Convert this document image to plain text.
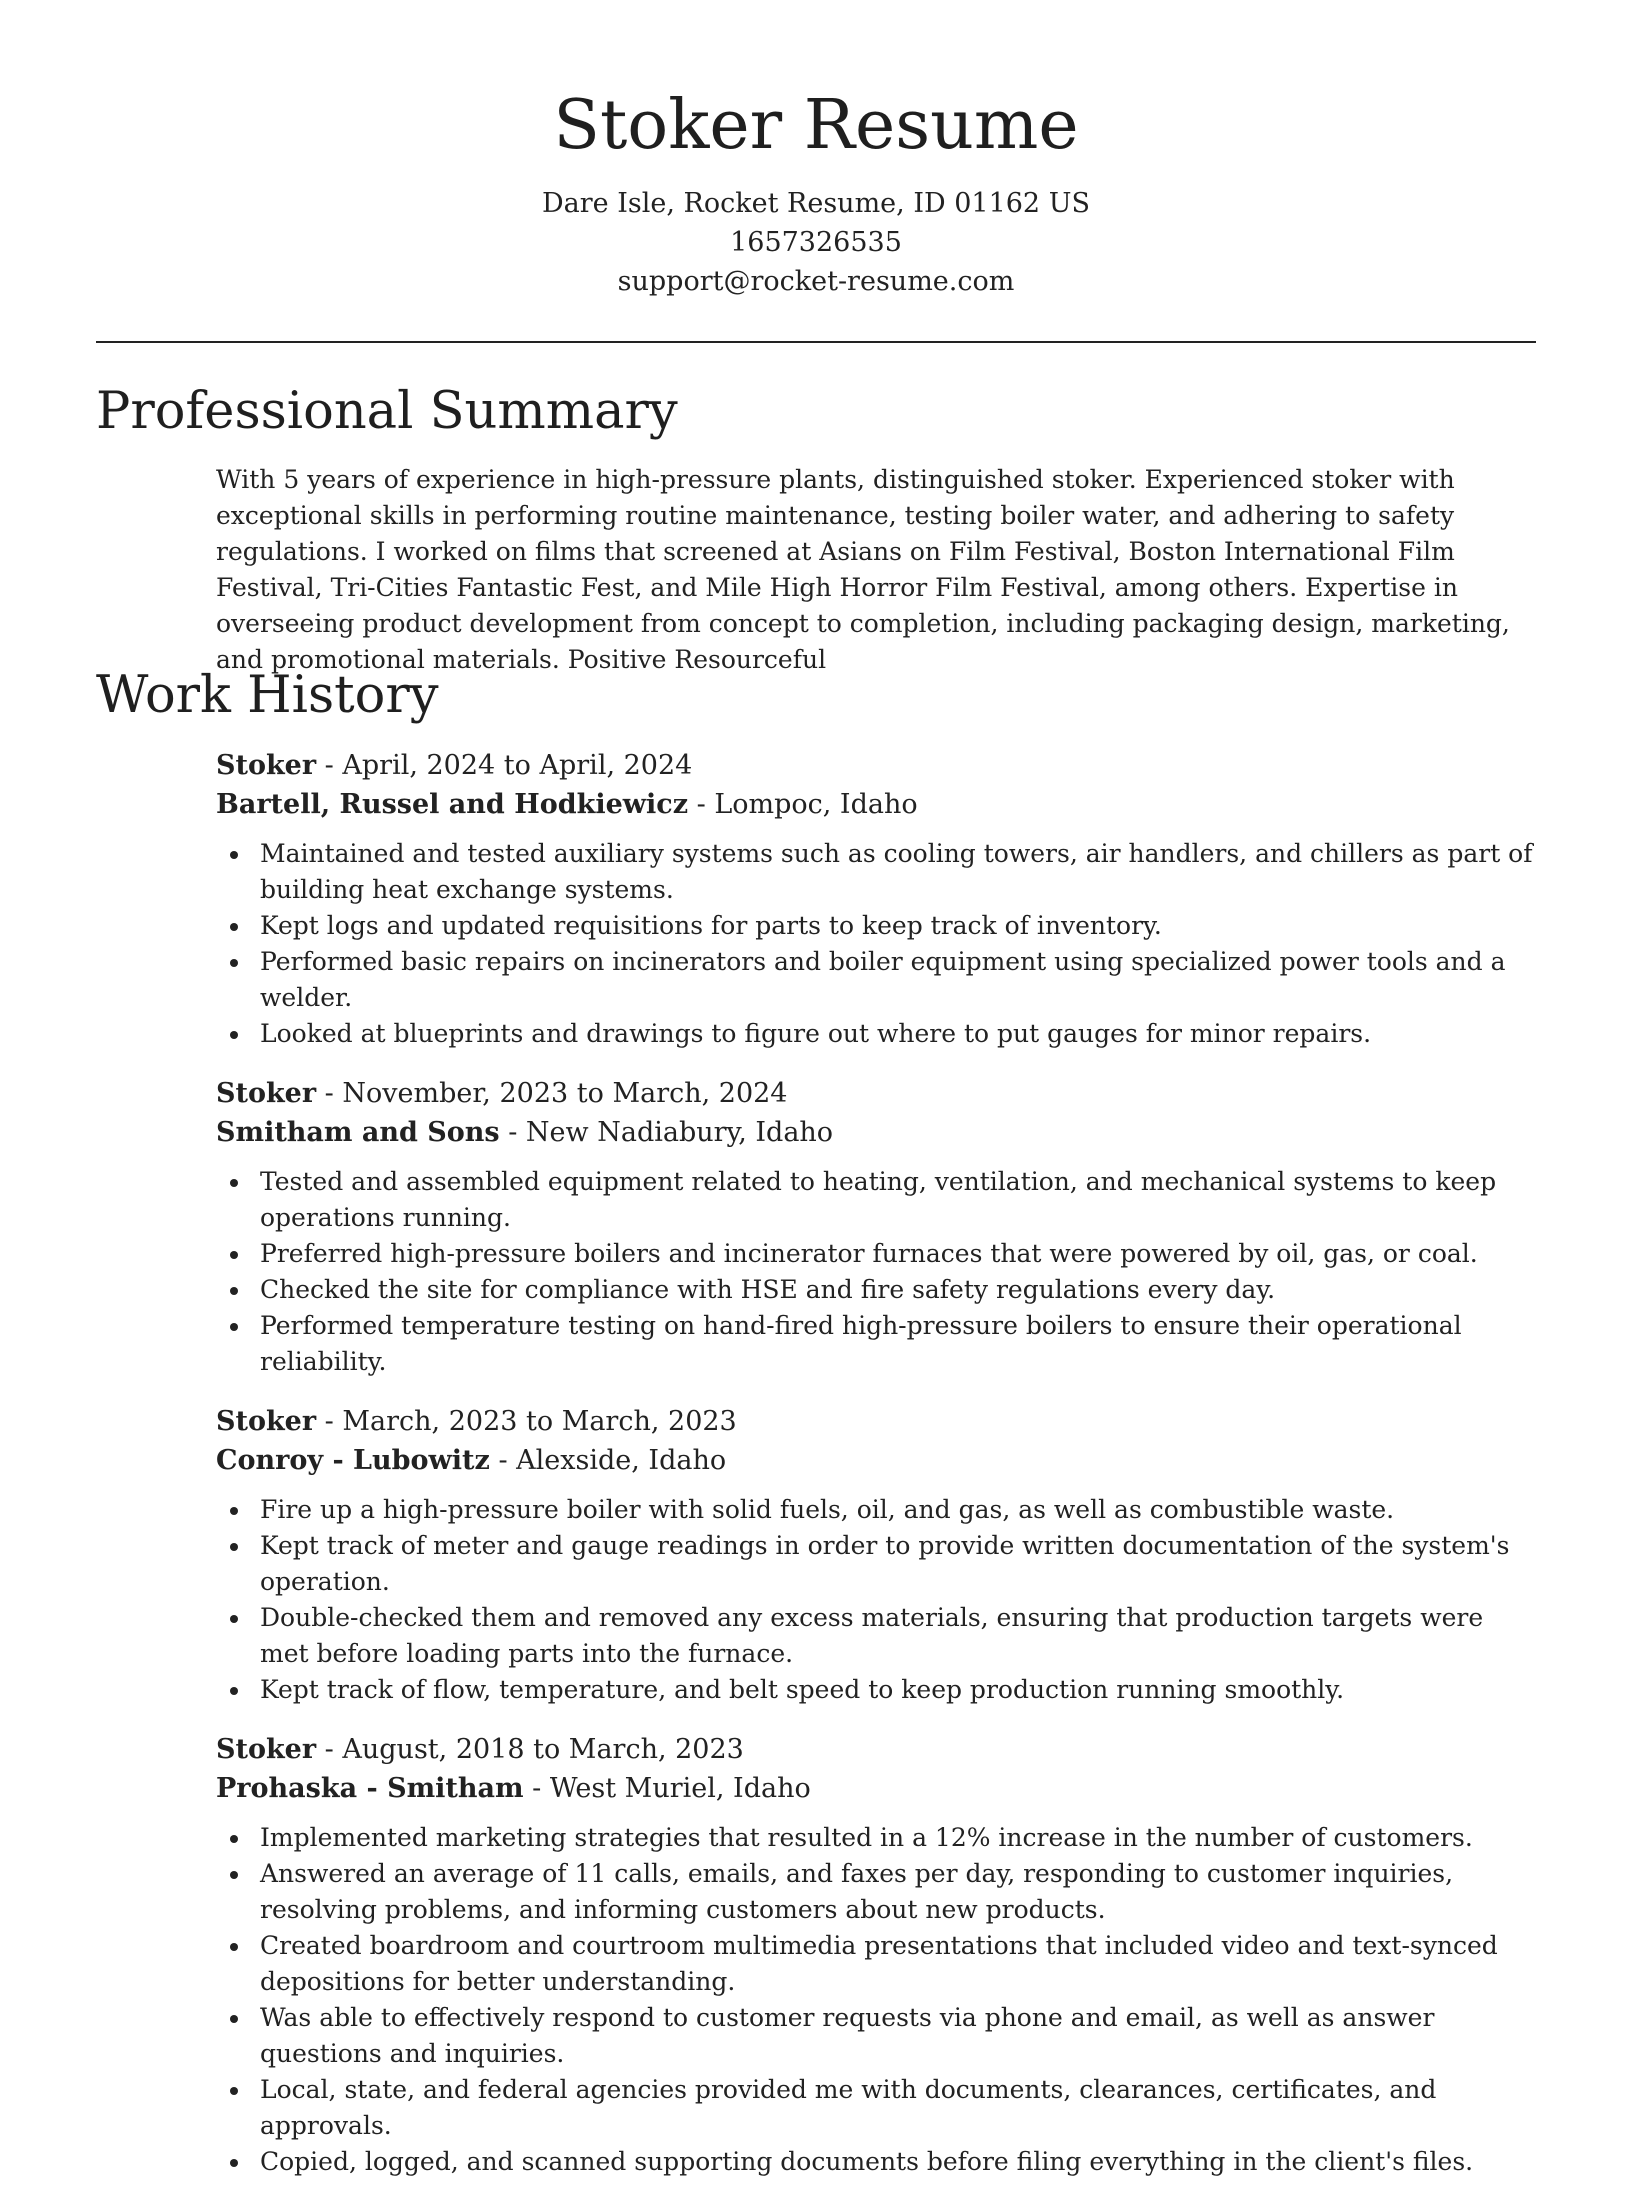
Stoker Resume
Dare Isle, Rocket Resume, ID 01162 US
1657326535
support@rocket-resume.com
Professional Summary

With 5 years of experience in high-pressure plants, distinguished stoker. Experienced stoker with exceptional skills in performing routine maintenance, testing boiler water, and adhering to safety regulations. I worked on films that screened at Asians on Film Festival, Boston International Film Festival, Tri-Cities Fantastic Fest, and Mile High Horror Film Festival, among others. Expertise in overseeing product development from concept to completion, including packaging design, marketing, and promotional materials. Positive Resourceful

Work History
Stoker - April, 2024 to April, 2024
Bartell, Russel and Hodkiewicz - Lompoc, Idaho
Maintained and tested auxiliary systems such as cooling towers, air handlers, and chillers as part of building heat exchange systems.
Kept logs and updated requisitions for parts to keep track of inventory.
Performed basic repairs on incinerators and boiler equipment using specialized power tools and a welder.
Looked at blueprints and drawings to figure out where to put gauges for minor repairs.
Stoker - November, 2023 to March, 2024
Smitham and Sons - New Nadiabury, Idaho
Tested and assembled equipment related to heating, ventilation, and mechanical systems to keep operations running.
Preferred high-pressure boilers and incinerator furnaces that were powered by oil, gas, or coal.
Checked the site for compliance with HSE and fire safety regulations every day.
Performed temperature testing on hand-fired high-pressure boilers to ensure their operational reliability.
Stoker - March, 2023 to March, 2023
Conroy - Lubowitz - Alexside, Idaho
Fire up a high-pressure boiler with solid fuels, oil, and gas, as well as combustible waste.
Kept track of meter and gauge readings in order to provide written documentation of the system's operation.
Double-checked them and removed any excess materials, ensuring that production targets were met before loading parts into the furnace.
Kept track of flow, temperature, and belt speed to keep production running smoothly.
Stoker - August, 2018 to March, 2023
Prohaska - Smitham - West Muriel, Idaho
Implemented marketing strategies that resulted in a 12% increase in the number of customers.
Answered an average of 11 calls, emails, and faxes per day, responding to customer inquiries, resolving problems, and informing customers about new products.
Created boardroom and courtroom multimedia presentations that included video and text-synced depositions for better understanding.
Was able to effectively respond to customer requests via phone and email, as well as answer questions and inquiries.
Local, state, and federal agencies provided me with documents, clearances, certificates, and approvals.
Copied, logged, and scanned supporting documents before filing everything in the client's files.
